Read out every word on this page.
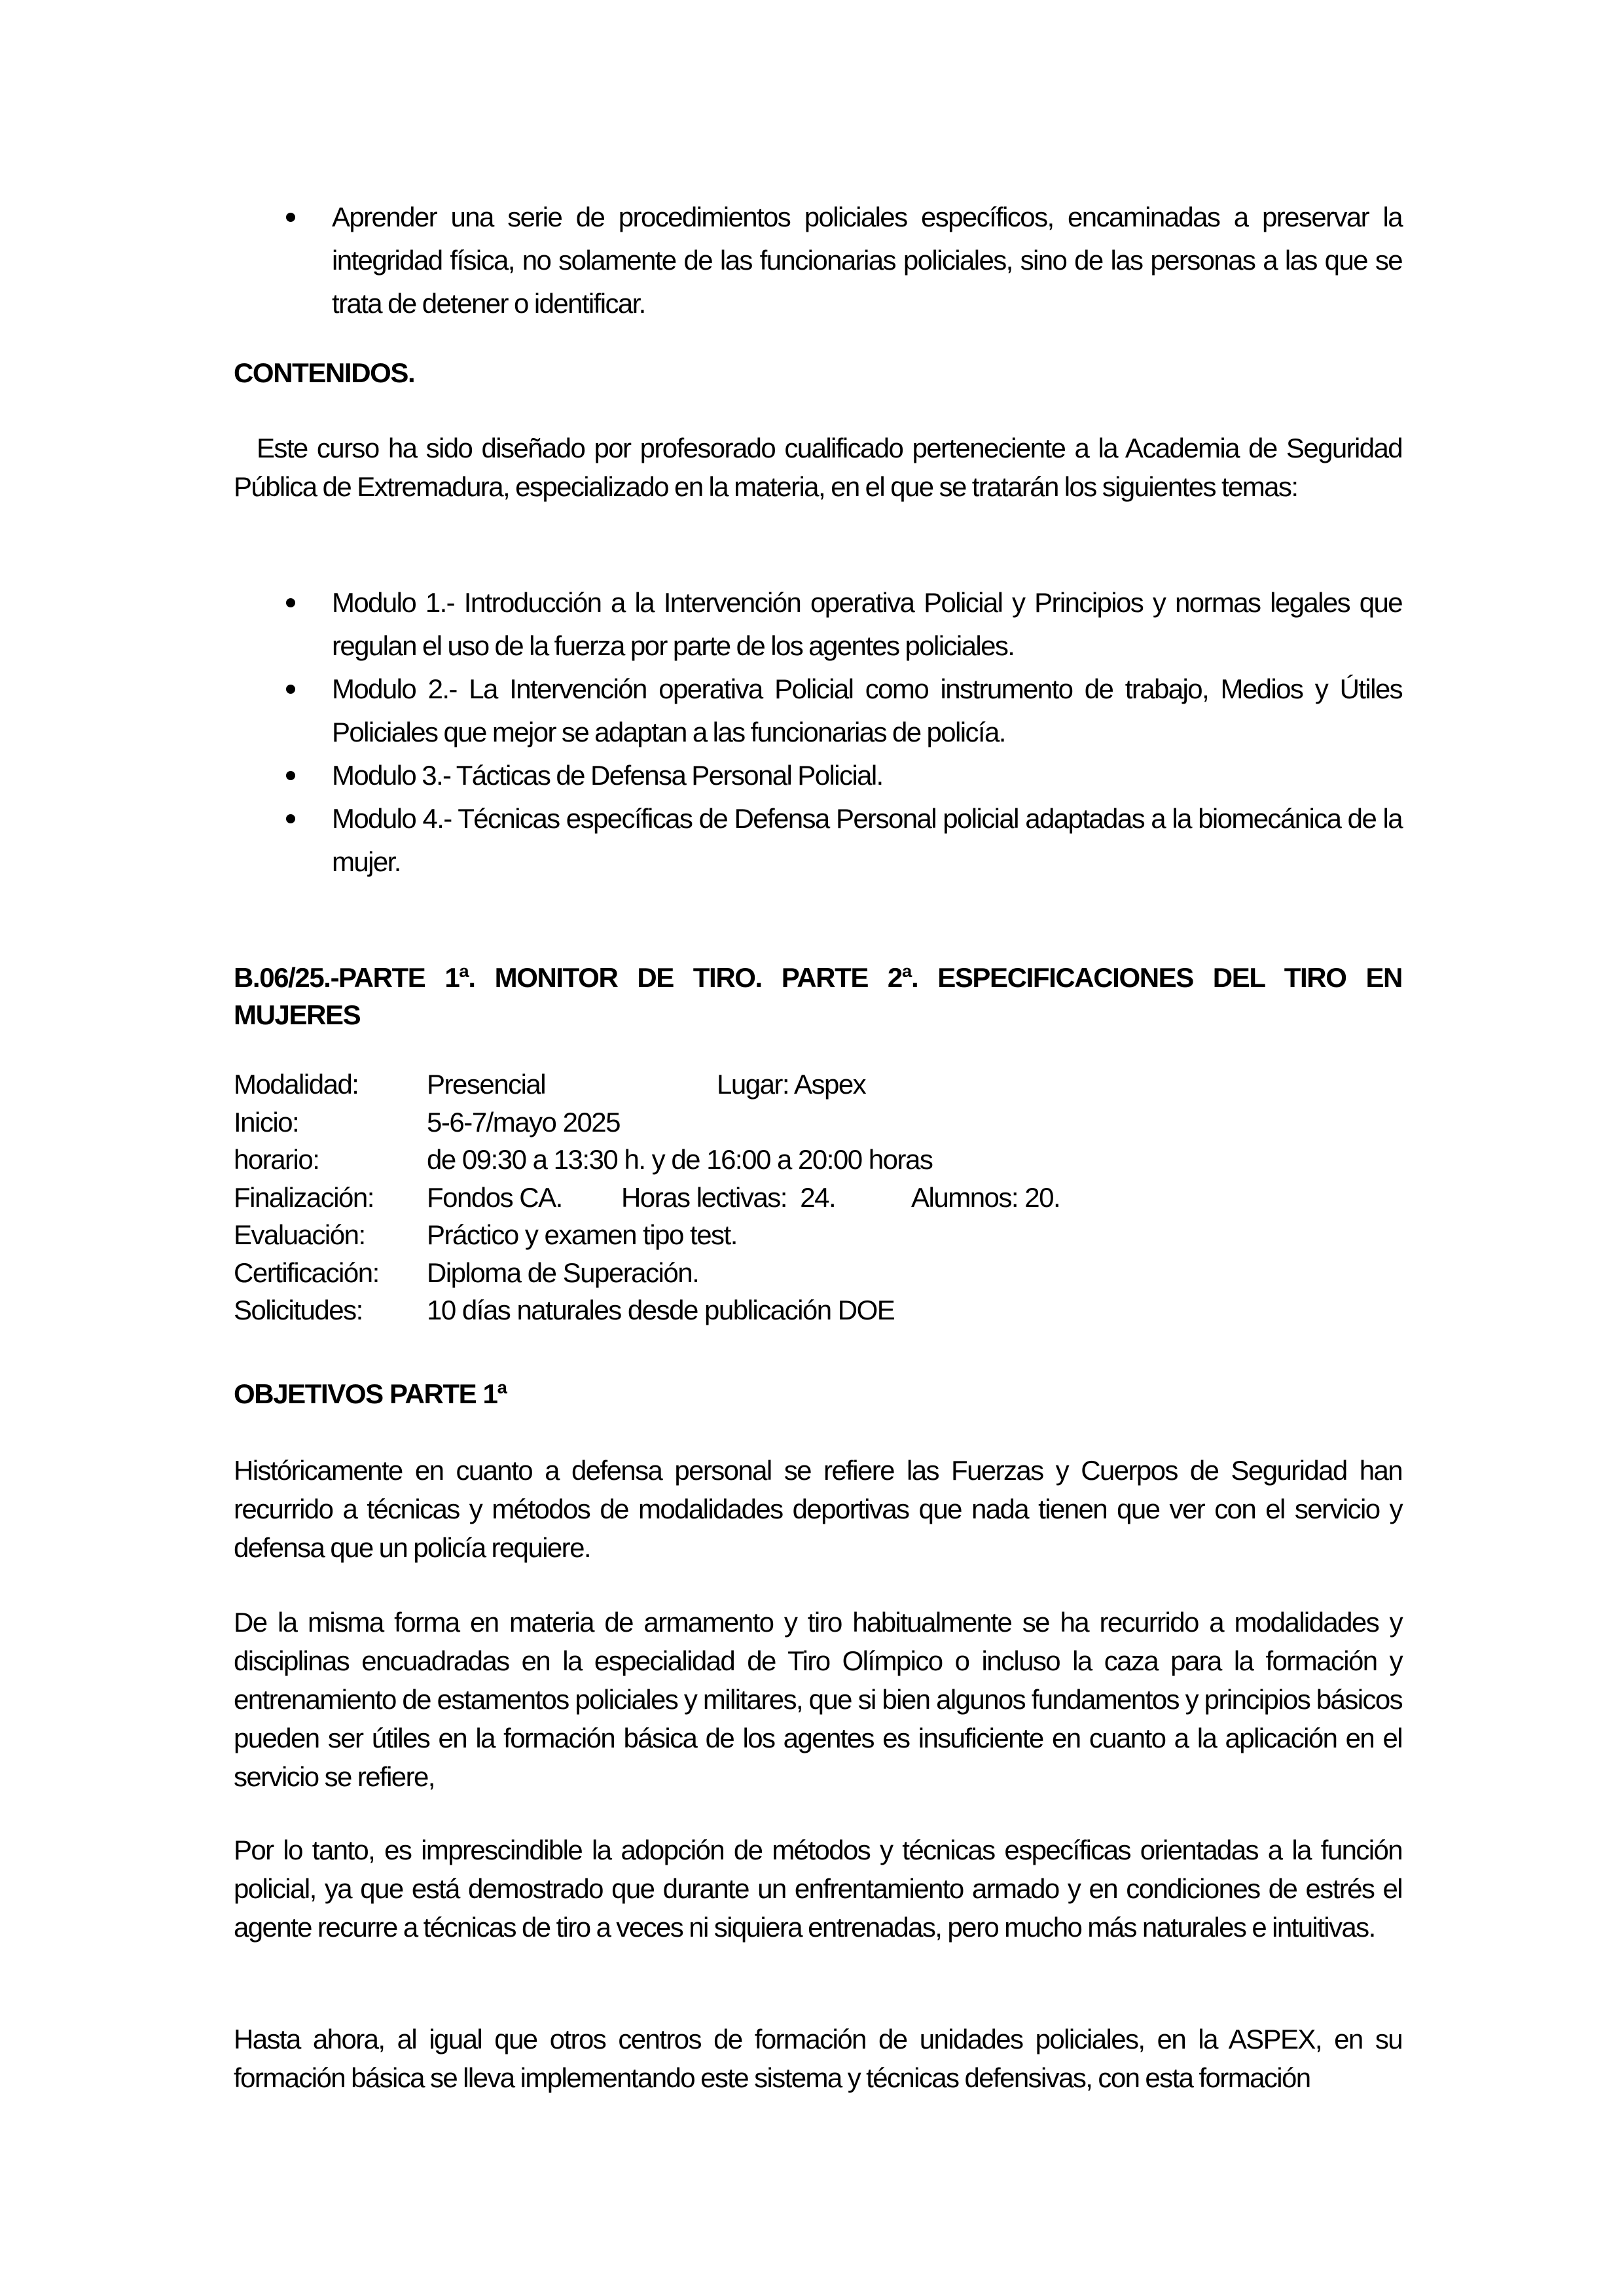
Aprender una serie de procedimientos policiales específicos, encaminadas a preservar la integridad física, no solamente de las funcionarias policiales, sino de las personas a las que se trata de detener o identificar.
CONTENIDOS.
Este curso ha sido diseñado por profesorado cualificado perteneciente a la Academia de Seguridad Pública de Extremadura, especializado en la materia, en el que se tratarán los siguientes temas:
Modulo 1.- Introducción a la Intervención operativa Policial y Principios y normas legales que regulan el uso de la fuerza por parte de los agentes policiales.
Modulo 2.- La Intervención operativa Policial como instrumento de trabajo, Medios y Útiles Policiales que mejor se adaptan a las funcionarias de policía.
Modulo 3.- Tácticas de Defensa Personal Policial.
Modulo 4.- Técnicas específicas de Defensa Personal policial adaptadas a la biomecánica de la mujer.
B.06/25.-PARTE 1ª. MONITOR DE TIRO. PARTE 2ª. ESPECIFICACIONES DEL TIRO EN MUJERES
Modalidad:	Presencial Lugar: Aspex
Inicio:	5-6-7/mayo 2025
horario:	de 09:30 a 13:30 h. y de 16:00 a 20:00 horas
Finalización:	Fondos CA. Horas lectivas:  24. Alumnos: 20.
Evaluación:	Práctico y examen tipo test.
Certificación:	Diploma de Superación.
Solicitudes:	10 días naturales desde publicación DOE
OBJETIVOS PARTE 1ª
Históricamente en cuanto a defensa personal se refiere las Fuerzas y Cuerpos de Seguridad han recurrido a técnicas y métodos de modalidades deportivas que nada tienen que ver con el servicio y defensa que un policía requiere.
De la misma forma en materia de armamento y tiro habitualmente se ha recurrido a modalidades y disciplinas encuadradas en la especialidad de Tiro Olímpico o incluso la caza para la formación y entrenamiento de estamentos policiales y militares, que si bien algunos fundamentos y principios básicos pueden ser útiles en la formación básica de los agentes es insuficiente en cuanto a la aplicación en el servicio se refiere,
Por lo tanto, es imprescindible la adopción de métodos y técnicas específicas orientadas a la función policial, ya que está demostrado que durante un enfrentamiento armado y en condiciones de estrés el agente recurre a técnicas de tiro a veces ni siquiera entrenadas, pero mucho más naturales e intuitivas.
Hasta ahora, al igual que otros centros de formación de unidades policiales, en la ASPEX, en su formación básica se lleva implementando este sistema y técnicas defensivas, con esta formación
